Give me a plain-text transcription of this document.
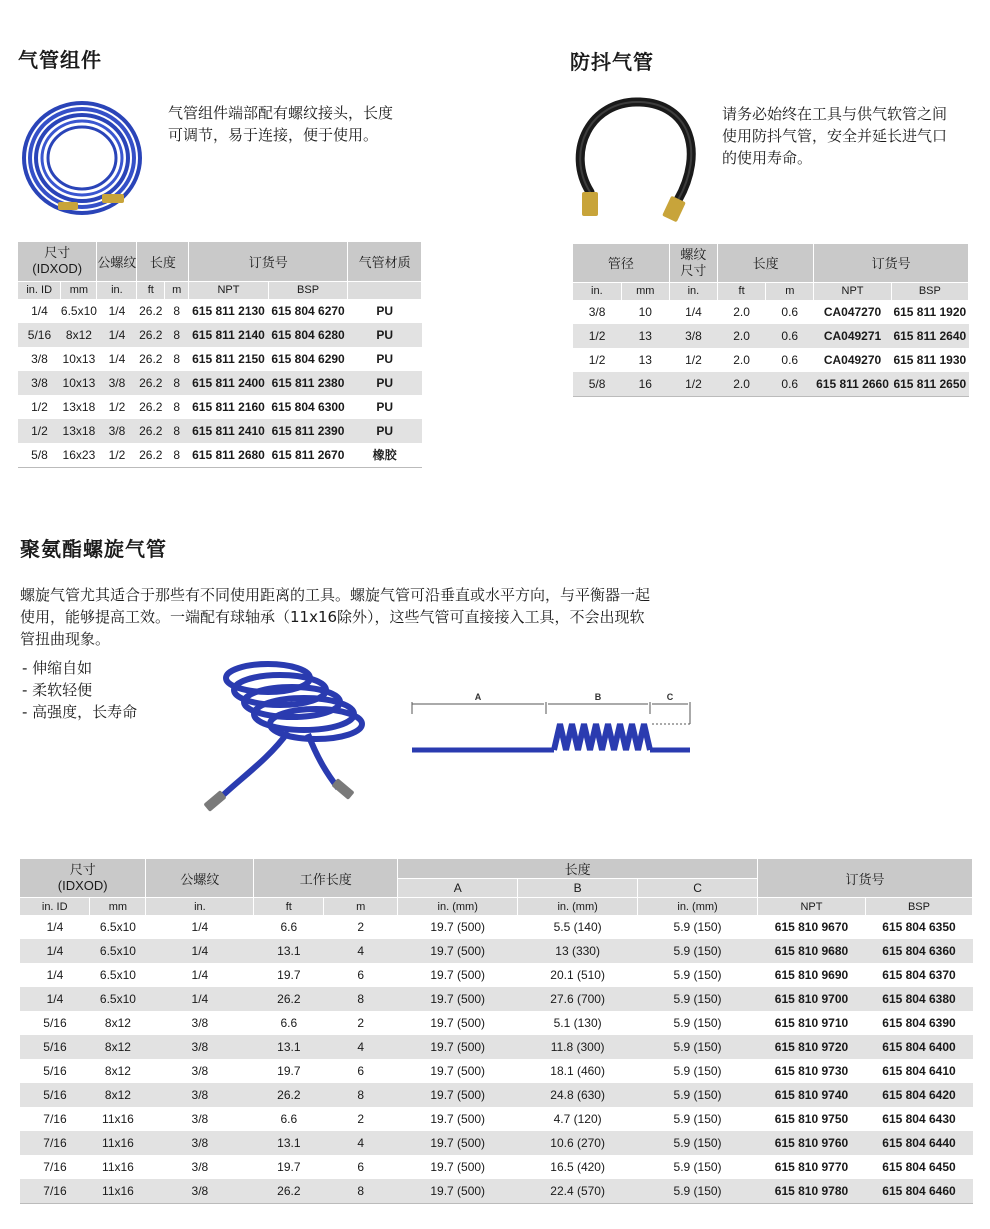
气管组件
气管组件端部配有螺纹接头，长度
可调节，易于连接，便于使用。
尺寸
(IDXOD)		公螺纹	长度		订货号		气管材质
in. ID	mm	in.	ft	m	NPT	BSP	
1/4	6.5x10	1/4	26.2	8	615 811 2130	615 804 6270	PU
5/16	8x12	1/4	26.2	8	615 811 2140	615 804 6280	PU
3/8	10x13	1/4	26.2	8	615 811 2150	615 804 6290	PU
3/8	10x13	3/8	26.2	8	615 811 2400	615 811 2380	PU
1/2	13x18	1/2	26.2	8	615 811 2160	615 804 6300	PU
1/2	13x18	3/8	26.2	8	615 811 2410	615 811 2390	PU
5/8	16x23	1/2	26.2	8	615 811 2680	615 811 2670	橡胶
防抖气管
请务必始终在工具与供气软管之间
使用防抖气管，安全并延长进气口
的使用寿命。
管径		螺纹
尺寸	长度		订货号	
in.	mm	in.	ft	m	NPT	BSP
3/8	10	1/4	2.0	0.6	CA047270	615 811 1920
1/2	13	3/8	2.0	0.6	CA049271	615 811 2640
1/2	13	1/2	2.0	0.6	CA049270	615 811 1930
5/8	16	1/2	2.0	0.6	615 811 2660	615 811 2650
聚氨酯螺旋气管
螺旋气管尤其适合于那些有不同使用距离的工具。螺旋气管可沿垂直或水平方向，与平衡器一起
使用，能够提高工效。一端配有球轴承（11x16除外），这些气管可直接接入工具，不会出现软
管扭曲现象。
- 伸缩自如
- 柔软轻便
- 高强度，长寿命
A	B	C
尺寸
(IDXOD)		公螺纹	工作长度		长度			订货号	
					A	B	C		
in. ID	mm	in.	ft	m	in. (mm)	in. (mm)	in. (mm)	NPT	BSP
1/4	6.5x10	1/4	6.6	2	19.7 (500)	5.5 (140)	5.9 (150)	615 810 9670	615 804 6350
1/4	6.5x10	1/4	13.1	4	19.7 (500)	13 (330)	5.9 (150)	615 810 9680	615 804 6360
1/4	6.5x10	1/4	19.7	6	19.7 (500)	20.1 (510)	5.9 (150)	615 810 9690	615 804 6370
1/4	6.5x10	1/4	26.2	8	19.7 (500)	27.6 (700)	5.9 (150)	615 810 9700	615 804 6380
5/16	8x12	3/8	6.6	2	19.7 (500)	5.1 (130)	5.9 (150)	615 810 9710	615 804 6390
5/16	8x12	3/8	13.1	4	19.7 (500)	11.8 (300)	5.9 (150)	615 810 9720	615 804 6400
5/16	8x12	3/8	19.7	6	19.7 (500)	18.1 (460)	5.9 (150)	615 810 9730	615 804 6410
5/16	8x12	3/8	26.2	8	19.7 (500)	24.8 (630)	5.9 (150)	615 810 9740	615 804 6420
7/16	11x16	3/8	6.6	2	19.7 (500)	4.7 (120)	5.9 (150)	615 810 9750	615 804 6430
7/16	11x16	3/8	13.1	4	19.7 (500)	10.6 (270)	5.9 (150)	615 810 9760	615 804 6440
7/16	11x16	3/8	19.7	6	19.7 (500)	16.5 (420)	5.9 (150)	615 810 9770	615 804 6450
7/16	11x16	3/8	26.2	8	19.7 (500)	22.4 (570)	5.9 (150)	615 810 9780	615 804 6460
